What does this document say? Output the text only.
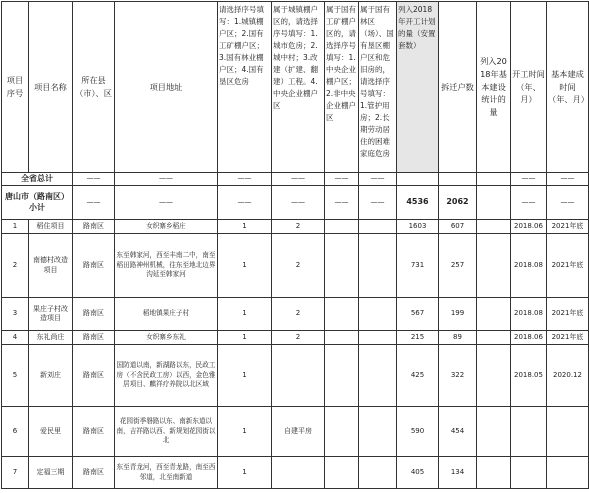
项目序号	项目名称	所在县（市）、区	项目地址	请选择序号填写：1.城镇棚户区；2.国有工矿棚户区；3.国有林业棚户区；4.国有垦区危房	属于城镇棚户区的，请选择序号填写：1.城市危房；2.城中村；3.改建（扩建、翻建）工程。4.中央企业棚户区	属于国有工矿棚户区的，请选择序号填写：1.中央企业棚户区；2.非中央企业棚户区	属于国有林区（场）、国有垦区棚户区和危旧房的，请选择序号填写：1.管护用房；2.长期劳动居住的困难家庭危房	列入2018年开工计划的量（安置套数）	拆迁户数	列入2018年基本建设统计的量	开工时间（年、月）	基本建成时间（年、月）
全省总计		——	——	——	——	——	——				——	——
唐山市（路南区）小计		——	——	——	——	——	——	4536	2062		——	——
1	稻住项目	路南区	女织寨乡稻庄	1	2			1603	607		2018.06	2021年底
2	南德村改造项目	路南区	东至韩家河，西至丰南二中，南至稻田路神州机械，往东至地北边界沟延至韩家河	1	2			731	257		2018.08	2021年底
3	果庄子村改造项目	路南区	稻地镇果庄子村	1	2			567	199		2018.08	2021年底
4	东礼尚庄	路南区	女织寨乡东礼	1	2			215	89		2018.06	2021年底
5	新刘庄	路南区	国防道以南，新湖路以东，民政工房（不含民政工房）以西，金色雅居项目、麒祥疗养院以北区域	1				425	322		2018.05	2020.12
6	爱民里	路南区	花园街季磐路以东、南新东道以南，吉祥路以西、新规划花园街以北	1	自建平房			590	454			
7	定福三期	路南区	东至青龙河，西至青龙路，南至西邻道，北至南新道	1				405	134			
